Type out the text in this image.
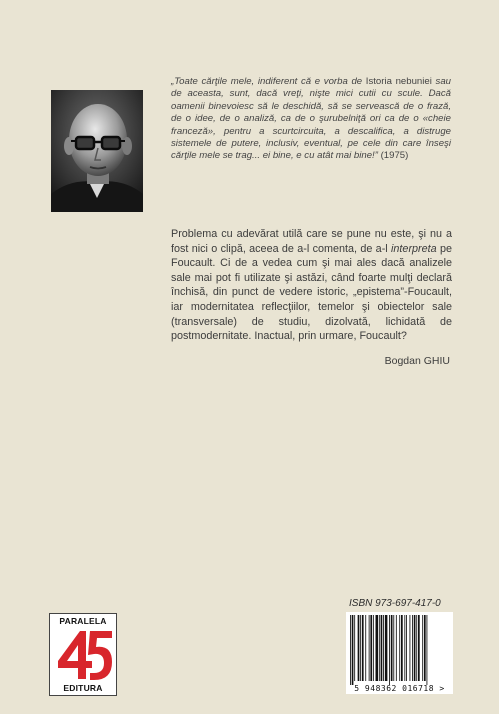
„Toate cărţile mele, indiferent că e vorba de Istoria nebuniei sau de aceasta, sunt, dacă vreţi, nişte mici cutii cu scule. Dacă oamenii binevoiesc să le deschidă, să se servească de o frază, de o idee, de o analiză, ca de o şurubelniţă ori ca de o «cheie franceză», pentru a scurtcircuita, a descalifica, a distruge sistemele de putere, inclusiv, eventual, pe cele din care înseşi cărţile mele se trag... ei bine, e cu atât mai bine!” (1975)
Problema cu adevărat utilă care se pune nu este, şi nu a fost nici o clipă, aceea de a-l comenta, de a-l interpreta pe Foucault. Ci de a vedea cum şi mai ales dacă analizele sale mai pot fi utilizate şi astăzi, când foarte mulţi declară închisă, din punct de vedere istoric, „epistema”-Foucault, iar modernitatea reflecţiilor, temelor şi obiectelor sale (transversale) de studiu, dizolvată, lichidată de postmodernitate. Inactual, prin urmare, Foucault?
Bogdan GHIU
PARALELA
EDITURA
ISBN 973-697-417-0
5 948362 016718 >
